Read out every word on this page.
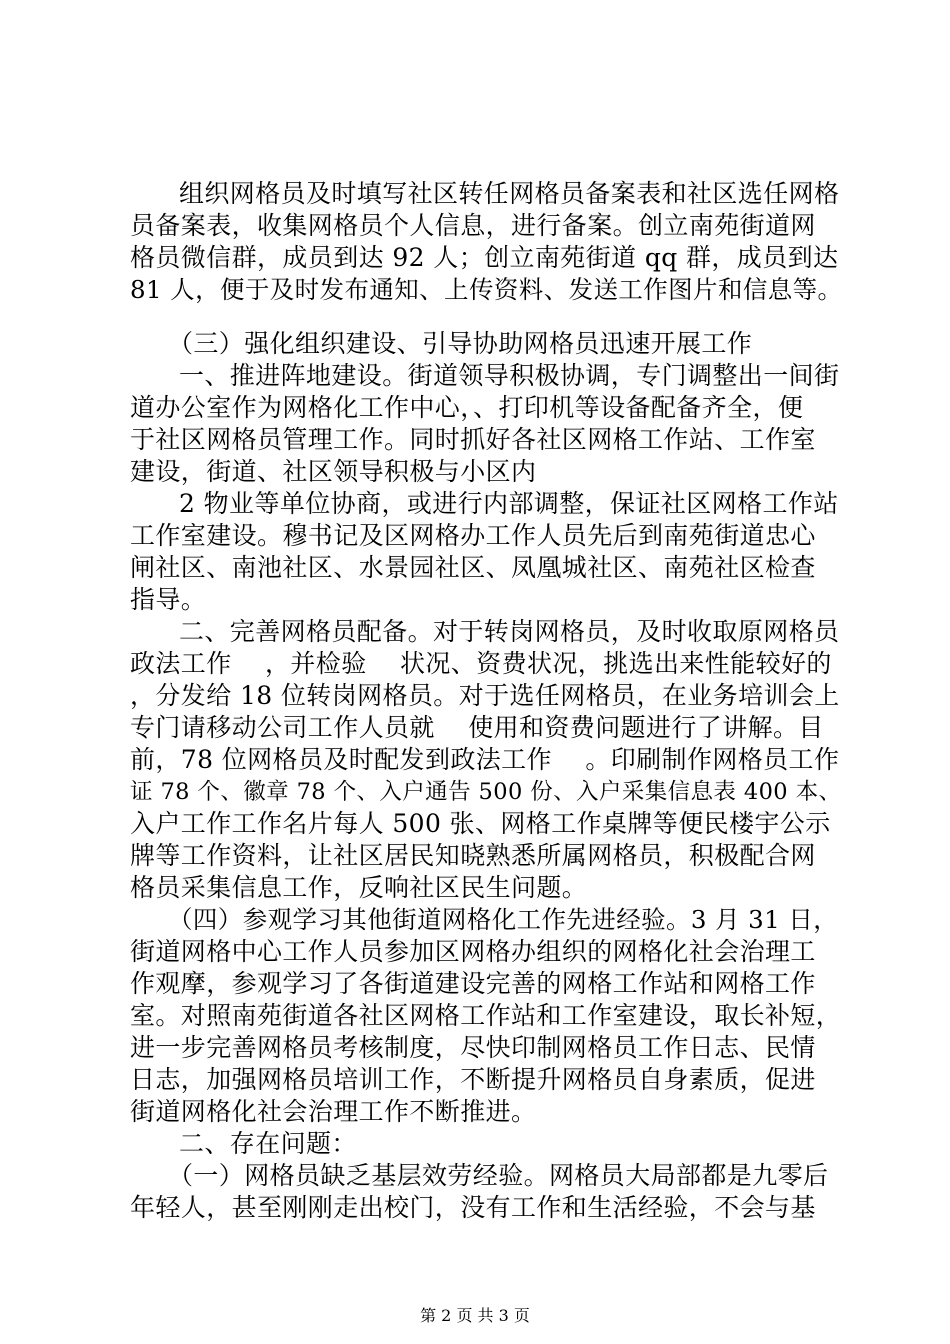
组织网格员及时填写社区转任网格员备案表和社区选任网格
员备案表，收集网格员个人信息，进行备案。创立南苑街道网
格员微信群，成员到达 92 人；创立南苑街道 qq 群，成员到达
81 人，便于及时发布通知、上传资料、发送工作图片和信息等。
（三）强化组织建设、引导协助网格员迅速开展工作
一、推进阵地建设。街道领导积极协调，专门调整出一间街
道办公室作为网格化工作中心，、打印机等设备配备齐全，便
于社区网格员管理工作。同时抓好各社区网格工作站、工作室
建设，街道、社区领导积极与小区内
2 物业等单位协商，或进行内部调整，保证社区网格工作站
工作室建设。穆书记及区网格办工作人员先后到南苑街道忠心
闸社区、南池社区、水景园社区、凤凰城社区、南苑社区检查
指导。
二、完善网格员配备。对于转岗网格员，及时收取原网格员
政法工作    ，并检验    状况、资费状况，挑选出来性能较好的
，分发给 18 位转岗网格员。对于选任网格员，在业务培训会上
专门请移动公司工作人员就    使用和资费问题进行了讲解。目
前，78 位网格员及时配发到政法工作    。印刷制作网格员工作
证 78 个、徽章 78 个、入户通告 500 份、入户采集信息表 400 本、
入户工作工作名片每人 500 张、网格工作桌牌等便民楼宇公示
牌等工作资料，让社区居民知晓熟悉所属网格员，积极配合网
格员采集信息工作，反响社区民生问题。
（四）参观学习其他街道网格化工作先进经验。3 月 31 日，
街道网格中心工作人员参加区网格办组织的网格化社会治理工
作观摩，参观学习了各街道建设完善的网格工作站和网格工作
室。对照南苑街道各社区网格工作站和工作室建设，取长补短，
进一步完善网格员考核制度，尽快印制网格员工作日志、民情
日志，加强网格员培训工作，不断提升网格员自身素质，促进
街道网格化社会治理工作不断推进。
二、存在问题：
（一）网格员缺乏基层效劳经验。网格员大局部都是九零后
年轻人，甚至刚刚走出校门，没有工作和生活经验，不会与基
第 2 页 共 3 页
